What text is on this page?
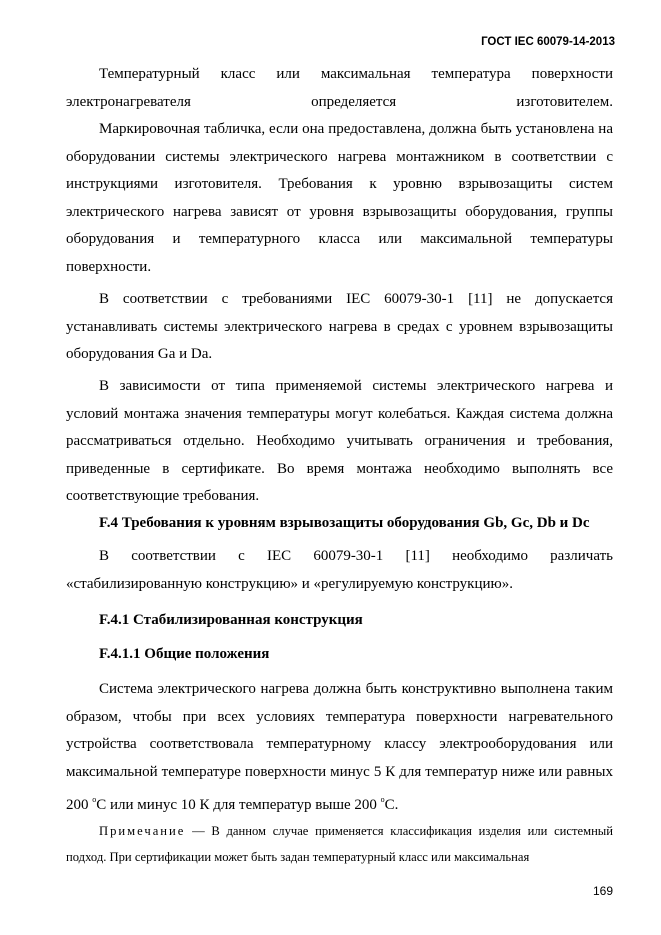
ГОСТ IEC 60079-14-2013

Температурный класс или максимальная температура поверхности электронагревателя определяется изготовителем.

Маркировочная табличка, если она предоставлена, должна быть установлена на оборудовании системы электрического нагрева монтажником в соответствии с инструкциями изготовителя. Требования к уровню взрывозащиты систем электрического нагрева зависят от уровня взрывозащиты оборудования, группы оборудования и температурного класса или максимальной температуры поверхности.

В соответствии с требованиями IEC 60079-30-1 [11] не допускается устанавливать системы электрического нагрева в средах с уровнем взрывозащиты оборудования Ga и Da.

В зависимости от типа применяемой системы электрического нагрева и условий монтажа значения температуры могут колебаться. Каждая система должна рассматриваться отдельно. Необходимо учитывать ограничения и требования, приведенные в сертификате. Во время монтажа необходимо выполнять все соответствующие требования.

F.4 Требования к уровням взрывозащиты оборудования Gb, Gc, Db и Dc

В соответствии с IEC 60079-30-1 [11] необходимо различать «стабилизированную конструкцию» и «регулируемую конструкцию».

F.4.1 Стабилизированная конструкция
F.4.1.1 Общие положения

Система электрического нагрева должна быть конструктивно выполнена таким образом, чтобы при всех условиях температура поверхности нагревательного устройства соответствовала температурному классу электрооборудования или максимальной температуре поверхности минус 5 К для температур ниже или равных 200 $^о$С или минус 10 К для температур выше 200 $^о$С.

Примечание — В данном случае применяется классификация изделия или системный подход. При сертификации может быть задан температурный класс или максимальная

169
